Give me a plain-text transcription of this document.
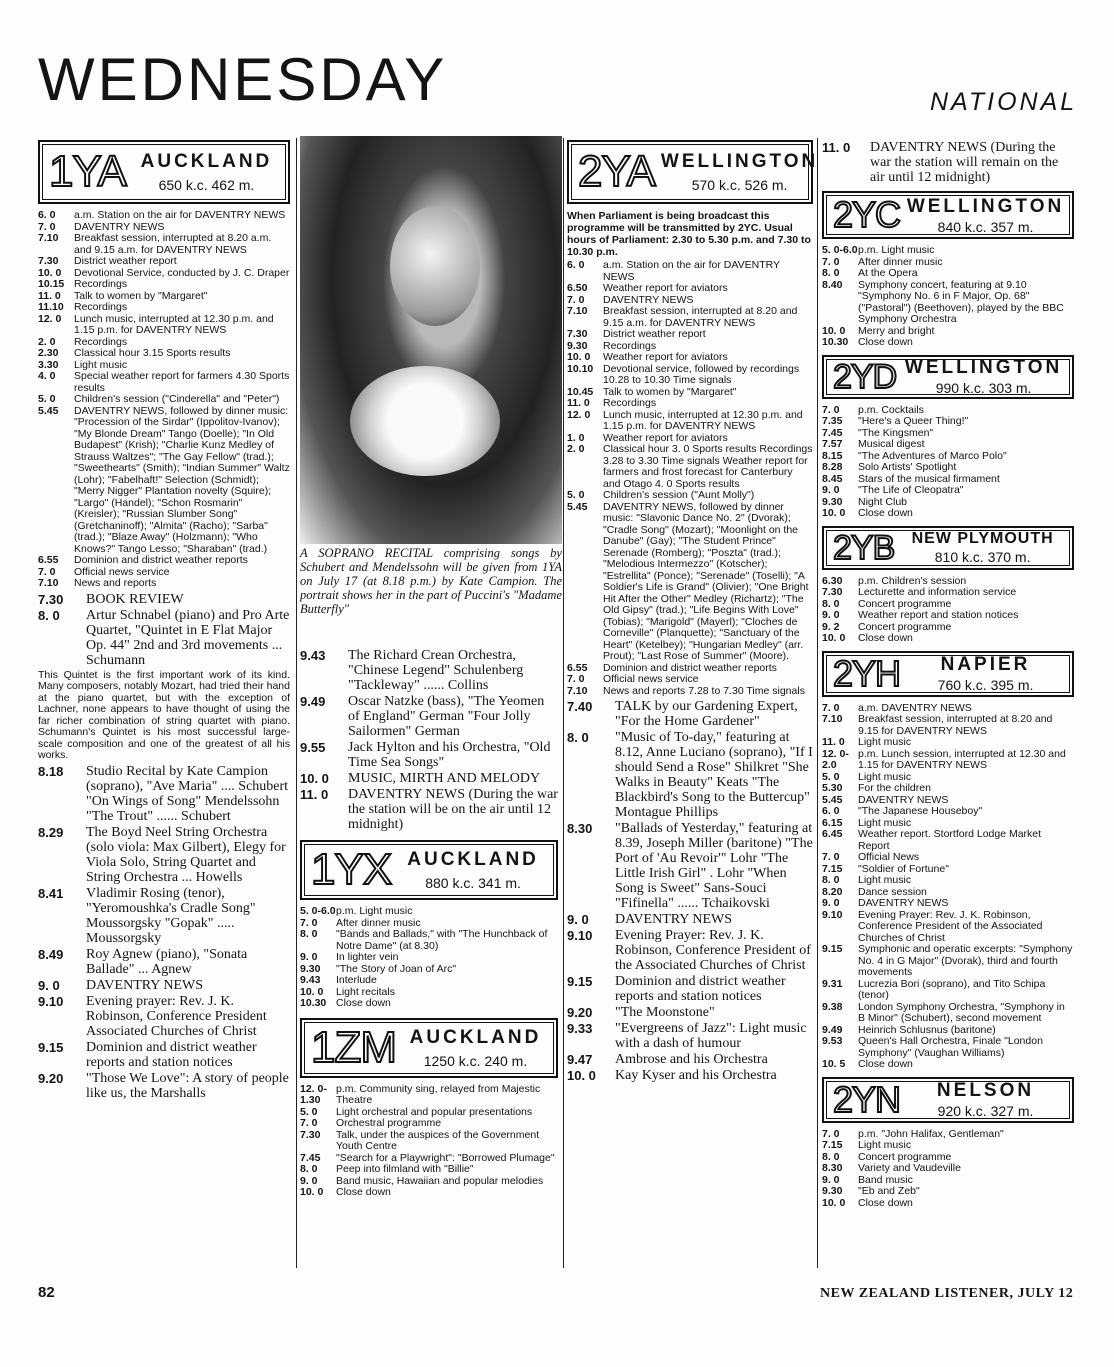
WEDNESDAY	NATIONAL
1YA AUCKLAND
650 k.c. 462 m.
6. 0	a.m. Station on the air for DAVENTRY NEWS
7. 0	DAVENTRY NEWS
7.10	Breakfast session, interrupted at 8.20 a.m. and 9.15 a.m. for DAVENTRY NEWS
7.30	District weather report
10. 0	Devotional Service, conducted by J. C. Draper
10.15 Recordings
11. 0	Talk to women by "Margaret"
11.10 Recordings
12. 0	Lunch music, interrupted at 12.30 p.m. and 1.15 p.m. for DAVENTRY NEWS
2. 0	Recordings
2.30	Classical hour 3.15 Sports results
3.30	Light music
4. 0	Special weather report for farmers 4.30 Sports results
5. 0	Children's session ("Cinderella" and "Peter")
5.45	DAVENTRY NEWS, followed by dinner music: "Procession of the Sirdar" (Ippolitov-Ivanov); "My Blonde Dream" Tango (Doelle); "In Old Budapest" (Krish); "Charlie Kunz Medley of Strauss Waltzes"; "The Gay Fellow" (trad.); "Sweethearts" (Smith); "Indian Summer" Waltz (Lohr); "Fabelhaft!" Selection (Schmidt); "Merry Nigger" Plantation novelty (Squire); "Largo" (Handel); "Schon Rosmarin" (Kreisler); "Russian Slumber Song" (Gretchaninoff); "Almita" (Racho); "Sarba" (trad.); "Blaze Away" (Holzmann); "Who Knows?" Tango Lesso; "Sharaban" (trad.)
6.55	Dominion and district weather reports
7. 0	Official news service
7.10	News and reports
7.30	BOOK REVIEW
8. 0	Artur Schnabel (piano) and Pro Arte Quartet, "Quintet in E Flat Major Op. 44" 2nd and 3rd movements ... Schumann
This Quintet is the first important work of its kind. Many composers, notably Mozart, had tried their hand at the piano quartet, but with the exception of Lachner, none appears to have thought of using the far richer combination of string quartet with piano. Schumann's Quintet is his most successful large-scale composition and one of the greatest of all his works.
8.18	Studio Recital by Kate Campion (soprano), "Ave Maria" .... Schubert "On Wings of Song" Mendelssohn "The Trout" ...... Schubert
8.29	The Boyd Neel String Orchestra (solo viola: Max Gilbert), Elegy for Viola Solo, String Quartet and String Orchestra ... Howells
8.41	Vladimir Rosing (tenor), "Yeromoushka's Cradle Song" Moussorgsky "Gopak" ..... Moussorgsky
8.49	Roy Agnew (piano), "Sonata Ballade" ... Agnew
9. 0	DAVENTRY NEWS
9.10	Evening prayer: Rev. J. K. Robinson, Conference President Associated Churches of Christ
9.15	Dominion and district weather reports and station notices
9.20	"Those We Love": A story of people like us, the Marshalls
A SOPRANO RECITAL comprising songs by Schubert and Mendelssohn will be given from 1YA on July 17 (at 8.18 p.m.) by Kate Campion. The portrait shows her in the part of Puccini's "Madame Butterfly"
9.43	The Richard Crean Orchestra, "Chinese Legend" Schulenberg "Tackleway" ...... Collins
9.49	Oscar Natzke (bass), "The Yeomen of England" German "Four Jolly Sailormen" German
9.55	Jack Hylton and his Orchestra, "Old Time Sea Songs"
10. 0	MUSIC, MIRTH AND MELODY
11. 0	DAVENTRY NEWS (During the war the station will be on the air until 12 midnight)
1YX AUCKLAND
880 k.c. 341 m.
5. 0-6.0 p.m. Light music
7. 0	After dinner music
8. 0	"Bands and Ballads," with "The Hunchback of Notre Dame" (at 8.30)
9. 0	In lighter vein
9.30	"The Story of Joan of Arc"
9.43	Interlude
10. 0	Light recitals
10.30 Close down
1ZM AUCKLAND
1250 k.c. 240 m.
12. 0-1.30
p.m. Community sing, relayed from Majestic Theatre
5. 0	Light orchestral and popular presentations
7. 0	Orchestral programme
7.30	Talk, under the auspices of the Government Youth Centre
7.45	"Search for a Playwright": "Borrowed Plumage"
8. 0	Peep into filmland with "Billie"
9. 0	Band music, Hawaiian and popular melodies
10. 0	Close down
2YA WELLINGTON
570 k.c. 526 m.
When Parliament is being broadcast this programme will be transmitted by 2YC. Usual hours of Parliament: 2.30 to 5.30 p.m. and 7.30 to 10.30 p.m.
6. 0	a.m. Station on the air for DAVENTRY NEWS
6.50	Weather report for aviators
7. 0	DAVENTRY NEWS
7.10	Breakfast session, interrupted at 8.20 and 9.15 a.m. for DAVENTRY NEWS
7.30	District weather report
9.30	Recordings
10. 0	Weather report for aviators
10.10 Devotional service, followed by recordings 10.28 to 10.30 Time signals
10.45 Talk to women by "Margaret"
11. 0	Recordings
12. 0	Lunch music, interrupted at 12.30 p.m. and 1.15 p.m. for DAVENTRY NEWS
1. 0	Weather report for aviators
2. 0	Classical hour 3. 0 Sports results Recordings 3.28 to 3.30 Time signals Weather report for farmers and frost forecast for Canterbury and Otago 4. 0 Sports results
5. 0	Children's session ("Aunt Molly")
5.45	DAVENTRY NEWS, followed by dinner music: "Slavonic Dance No. 2" (Dvorak); "Cradle Song" (Mozart); "Moonlight on the Danube" (Gay); "The Student Prince" Serenade (Romberg); "Poszta" (trad.); "Melodious Intermezzo" (Kotscher); "Estrellita" (Ponce); "Serenade" (Toselli); "A Soldier's Life is Grand" (Olivier); "One Bright Hit After the Other" Medley (Richartz); "The Old Gipsy" (trad.); "Life Begins With Love" (Tobias); "Marigold" (Mayerl); "Cloches de Corneville" (Planquette); "Sanctuary of the Heart" (Ketelbey); "Hungarian Medley" (arr. Prout); "Last Rose of Summer" (Moore).
6.55	Dominion and district weather reports
7. 0	Official news service
7.10	News and reports 7.28 to 7.30 Time signals
7.40	TALK by our Gardening Expert, "For the Home Gardener"
8. 0	"Music of To-day," featuring at 8.12, Anne Luciano (soprano), "If I should Send a Rose" Shilkret "She Walks in Beauty" Keats "The Blackbird's Song to the Buttercup" Montague Phillips
8.30	"Ballads of Yesterday," featuring at 8.39, Joseph Miller (baritone) "The Port of 'Au Revoir'" Lohr "The Little Irish Girl" . Lohr "When Song is Sweet" Sans-Souci "Fifinella" ...... Tchaikovski
9. 0	DAVENTRY NEWS
9.10	Evening Prayer: Rev. J. K. Robinson, Conference President of the Associated Churches of Christ
9.15	Dominion and district weather reports and station notices
9.20	"The Moonstone"
9.33	"Evergreens of Jazz": Light music with a dash of humour
9.47	Ambrose and his Orchestra
10. 0	Kay Kyser and his Orchestra
11. 0	DAVENTRY NEWS (During the war the station will remain on the air until 12 midnight)
2YC WELLINGTON
840 k.c. 357 m.
5. 0-6.0 p.m. Light music
7. 0	After dinner music
8. 0	At the Opera
8.40	Symphony concert, featuring at 9.10 "Symphony No. 6 in F Major, Op. 68" ("Pastoral") (Beethoven), played by the BBC Symphony Orchestra
10. 0	Merry and bright
10.30 Close down
2YD WELLINGTON
990 k.c. 303 m.
7. 0	p.m. Cocktails
7.35	"Here's a Queer Thing!"
7.45	"The Kingsmen"
7.57	Musical digest
8.15	"The Adventures of Marco Polo"
8.28	Solo Artists' Spotlight
8.45	Stars of the musical firmament
9. 0	"The Life of Cleopatra"
9.30	Night Club
10. 0	Close down
2YB	NEW PLYMOUTH
810 k.c. 370 m.
6.30	p.m. Children's session
7.30	Lecturette and information service
8. 0	Concert programme
9. 0	Weather report and station notices
9. 2	Concert programme
10. 0	Close down
2YH	NAPIER
760 k.c. 395 m.
7. 0	a.m. DAVENTRY NEWS
7.10	Breakfast session, interrupted at 8.20 and 9.15 for DAVENTRY NEWS
11. 0	Light music
12. 0-2.0
p.m. Lunch session, interrupted at 12.30 and 1.15 for DAVENTRY NEWS
5. 0	Light music
5.30	For the children
5.45	DAVENTRY NEWS
6. 0	"The Japanese Houseboy"
6.15	Light music
6.45	Weather report. Stortford Lodge Market Report
7. 0	Official News
7.15	"Soldier of Fortune"
8. 0	Light music
8.20	Dance session
9. 0	DAVENTRY NEWS
9.10	Evening Prayer: Rev. J. K. Robinson, Conference President of the Associated Churches of Christ
9.15	Symphonic and operatic excerpts: "Symphony No. 4 in G Major" (Dvorak), third and fourth movements
9.31	Lucrezia Bori (soprano), and Tito Schipa (tenor)
9.38	London Symphony Orchestra, "Symphony in B Minor" (Schubert), second movement
9.49	Heinrich Schlusnus (baritone)
9.53	Queen's Hall Orchestra, Finale "London Symphony" (Vaughan Williams)
10. 5	Close down
2YN	NELSON
920 k.c. 327 m.
7. 0	p.m. "John Halifax, Gentleman"
7.15	Light music
8. 0	Concert programme
8.30	Variety and Vaudeville
9. 0	Band music
9.30	"Eb and Zeb"
10. 0	Close down
82	NEW ZEALAND LISTENER, JULY 12
